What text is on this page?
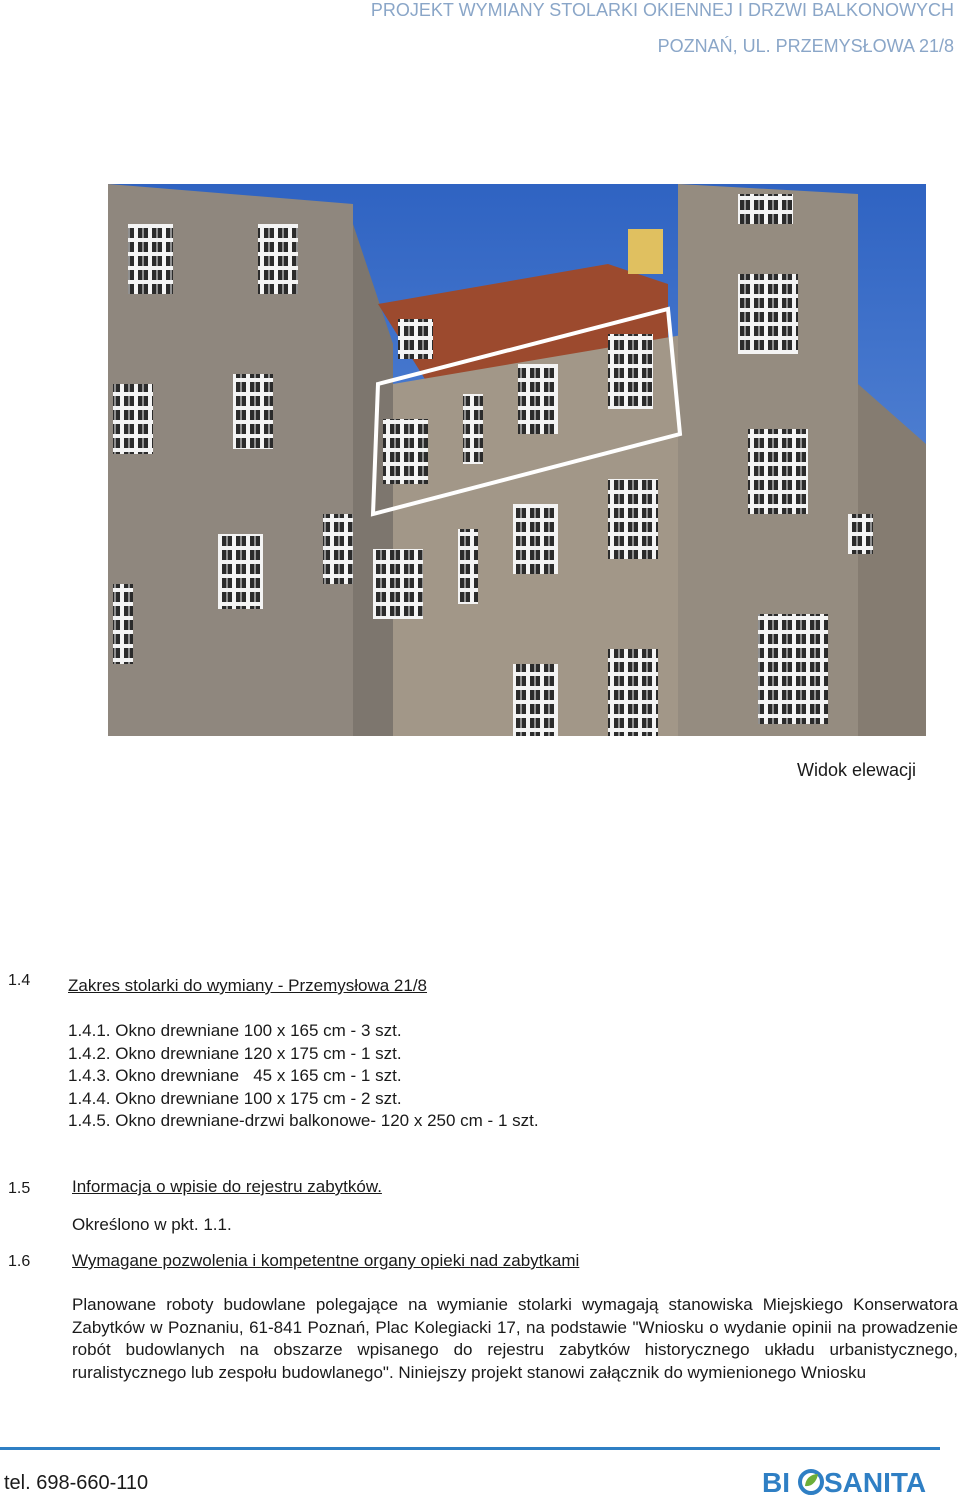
PROJEKT WYMIANY STOLARKI OKIENNEJ I DRZWI BALKONOWYCH
POZNAŃ, UL. PRZEMYSŁOWA 21/8
Widok elewacji
1.4 Zakres stolarki do wymiany - Przemysłowa 21/8
1.4.1. Okno drewniane 100 x 165 cm - 3 szt.
1.4.2. Okno drewniane 120 x 175 cm - 1 szt.
1.4.3. Okno drewniane   45 x 165 cm - 1 szt.
1.4.4. Okno drewniane 100 x 175 cm - 2 szt.
1.4.5. Okno drewniane-drzwi balkonowe- 120 x 250 cm - 1 szt.
1.5 Informacja o wpisie do rejestru zabytków.
Określono w pkt. 1.1.
1.6 Wymagane pozwolenia i kompetentne organy opieki nad zabytkami
Planowane roboty budowlane polegające na wymianie stolarki wymagają stanowiska Miejskiego Konserwatora Zabytków w Poznaniu, 61-841 Poznań, Plac Kolegiacki 17, na podstawie "Wniosku o wydanie opinii na prowadzenie robót budowlanych na obszarze wpisanego do rejestru zabytków historycznego układu urbanistycznego, ruralistycznego lub zespołu budowlanego". Niniejszy projekt stanowi załącznik do wymienionego Wniosku
tel. 698-660-110	BI SANITA
